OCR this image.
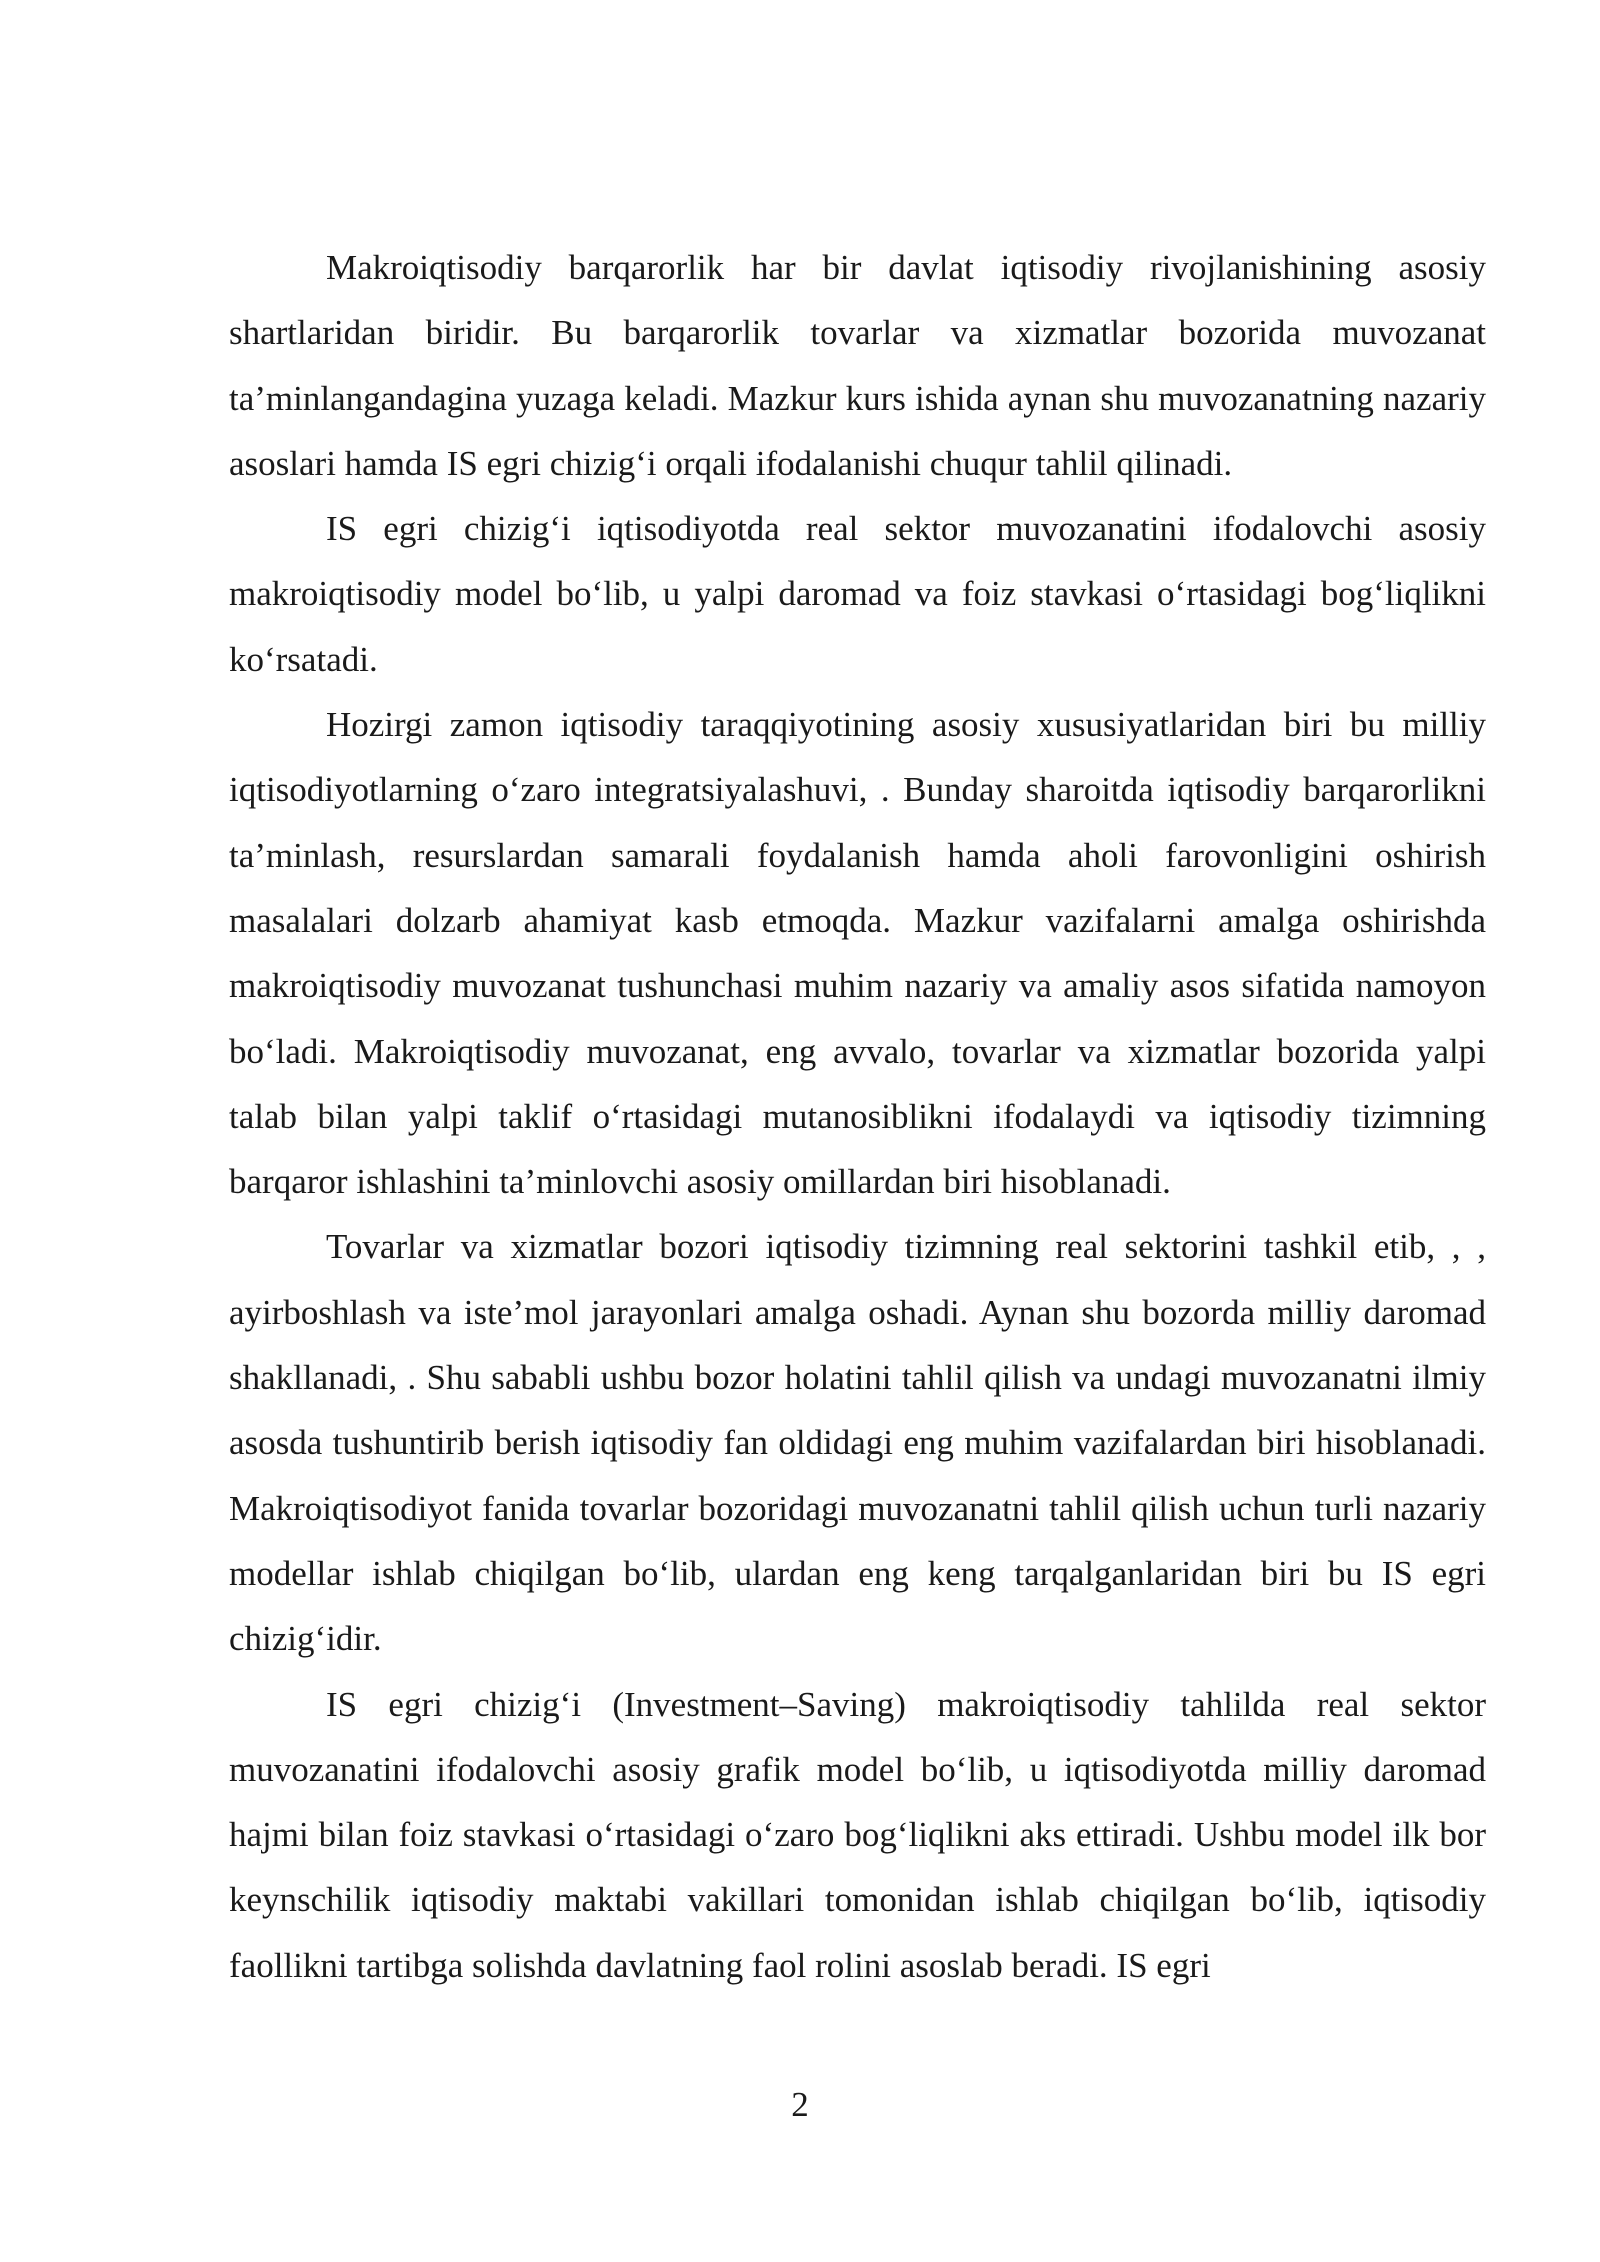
Makroiqtisodiy barqarorlik har bir davlat iqtisodiy rivojlanishining asosiy shartlaridan biridir. Bu barqarorlik tovarlar va xizmatlar bozorida muvozanat ta’minlangandagina yuzaga keladi. Mazkur kurs ishida aynan shu muvozanatning nazariy asoslari hamda IS egri chizig‘i orqali ifodalanishi chuqur tahlil qilinadi.

IS egri chizig‘i iqtisodiyotda real sektor muvozanatini ifodalovchi asosiy makroiqtisodiy model bo‘lib, u yalpi daromad va foiz stavkasi o‘rtasidagi bog‘liqlikni ko‘rsatadi.

Hozirgi zamon iqtisodiy taraqqiyotining asosiy xususiyatlaridan biri bu milliy iqtisodiyotlarning o‘zaro integratsiyalashuvi, . Bunday sharoitda iqtisodiy barqarorlikni ta’minlash, resurslardan samarali foydalanish hamda aholi farovonligini oshirish masalalari dolzarb ahamiyat kasb etmoqda. Mazkur vazifalarni amalga oshirishda makroiqtisodiy muvozanat tushunchasi muhim nazariy va amaliy asos sifatida namoyon bo‘ladi. Makroiqtisodiy muvozanat, eng avvalo, tovarlar va xizmatlar bozorida yalpi talab bilan yalpi taklif o‘rtasidagi mutanosiblikni ifodalaydi va iqtisodiy tizimning barqaror ishlashini ta’minlovchi asosiy omillardan biri hisoblanadi.

Tovarlar va xizmatlar bozori iqtisodiy tizimning real sektorini tashkil etib, , , ayirboshlash va iste’mol jarayonlari amalga oshadi. Aynan shu bozorda milliy daromad shakllanadi, . Shu sababli ushbu bozor holatini tahlil qilish va undagi muvozanatni ilmiy asosda tushuntirib berish iqtisodiy fan oldidagi eng muhim vazifalardan biri hisoblanadi. Makroiqtisodiyot fanida tovarlar bozoridagi muvozanatni tahlil qilish uchun turli nazariy modellar ishlab chiqilgan bo‘lib, ulardan eng keng tarqalganlaridan biri bu IS egri chizig‘idir.

IS egri chizig‘i (Investment–Saving) makroiqtisodiy tahlilda real sektor muvozanatini ifodalovchi asosiy grafik model bo‘lib, u iqtisodiyotda milliy daromad hajmi bilan foiz stavkasi o‘rtasidagi o‘zaro bog‘liqlikni aks ettiradi. Ushbu model ilk bor keynschilik iqtisodiy maktabi vakillari tomonidan ishlab chiqilgan bo‘lib, iqtisodiy faollikni tartibga solishda davlatning faol rolini asoslab beradi. IS egri

2
